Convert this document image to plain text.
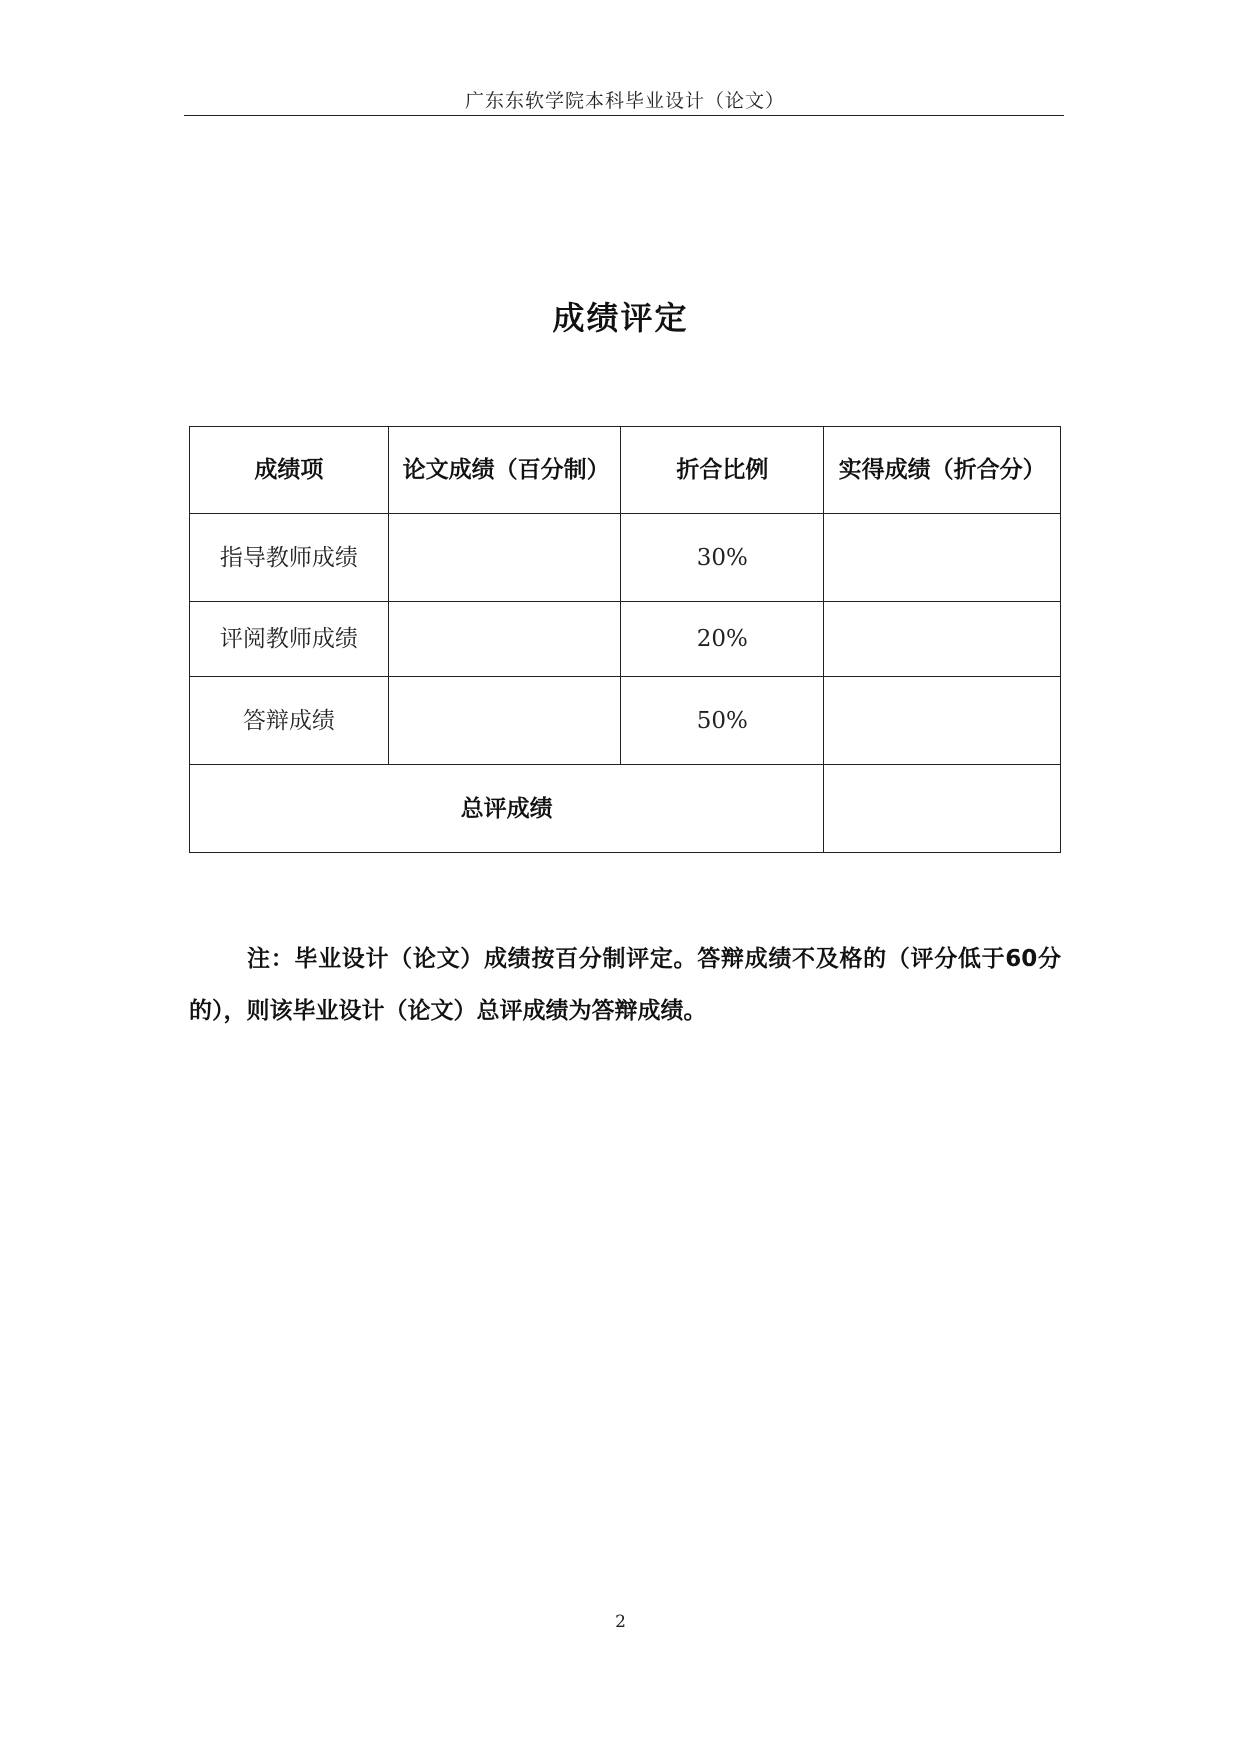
广东东软学院本科毕业设计（论文）
成绩评定
成绩项	论文成绩（百分制）	折合比例	实得成绩（折合分）
指导教师成绩		30%	
评阅教师成绩		20%	
答辩成绩		50%	
总评成绩			

注：毕业设计（论文）成绩按百分制评定。答辩成绩不及格的（评分低于60分的），则该毕业设计（论文）总评成绩为答辩成绩。

2
